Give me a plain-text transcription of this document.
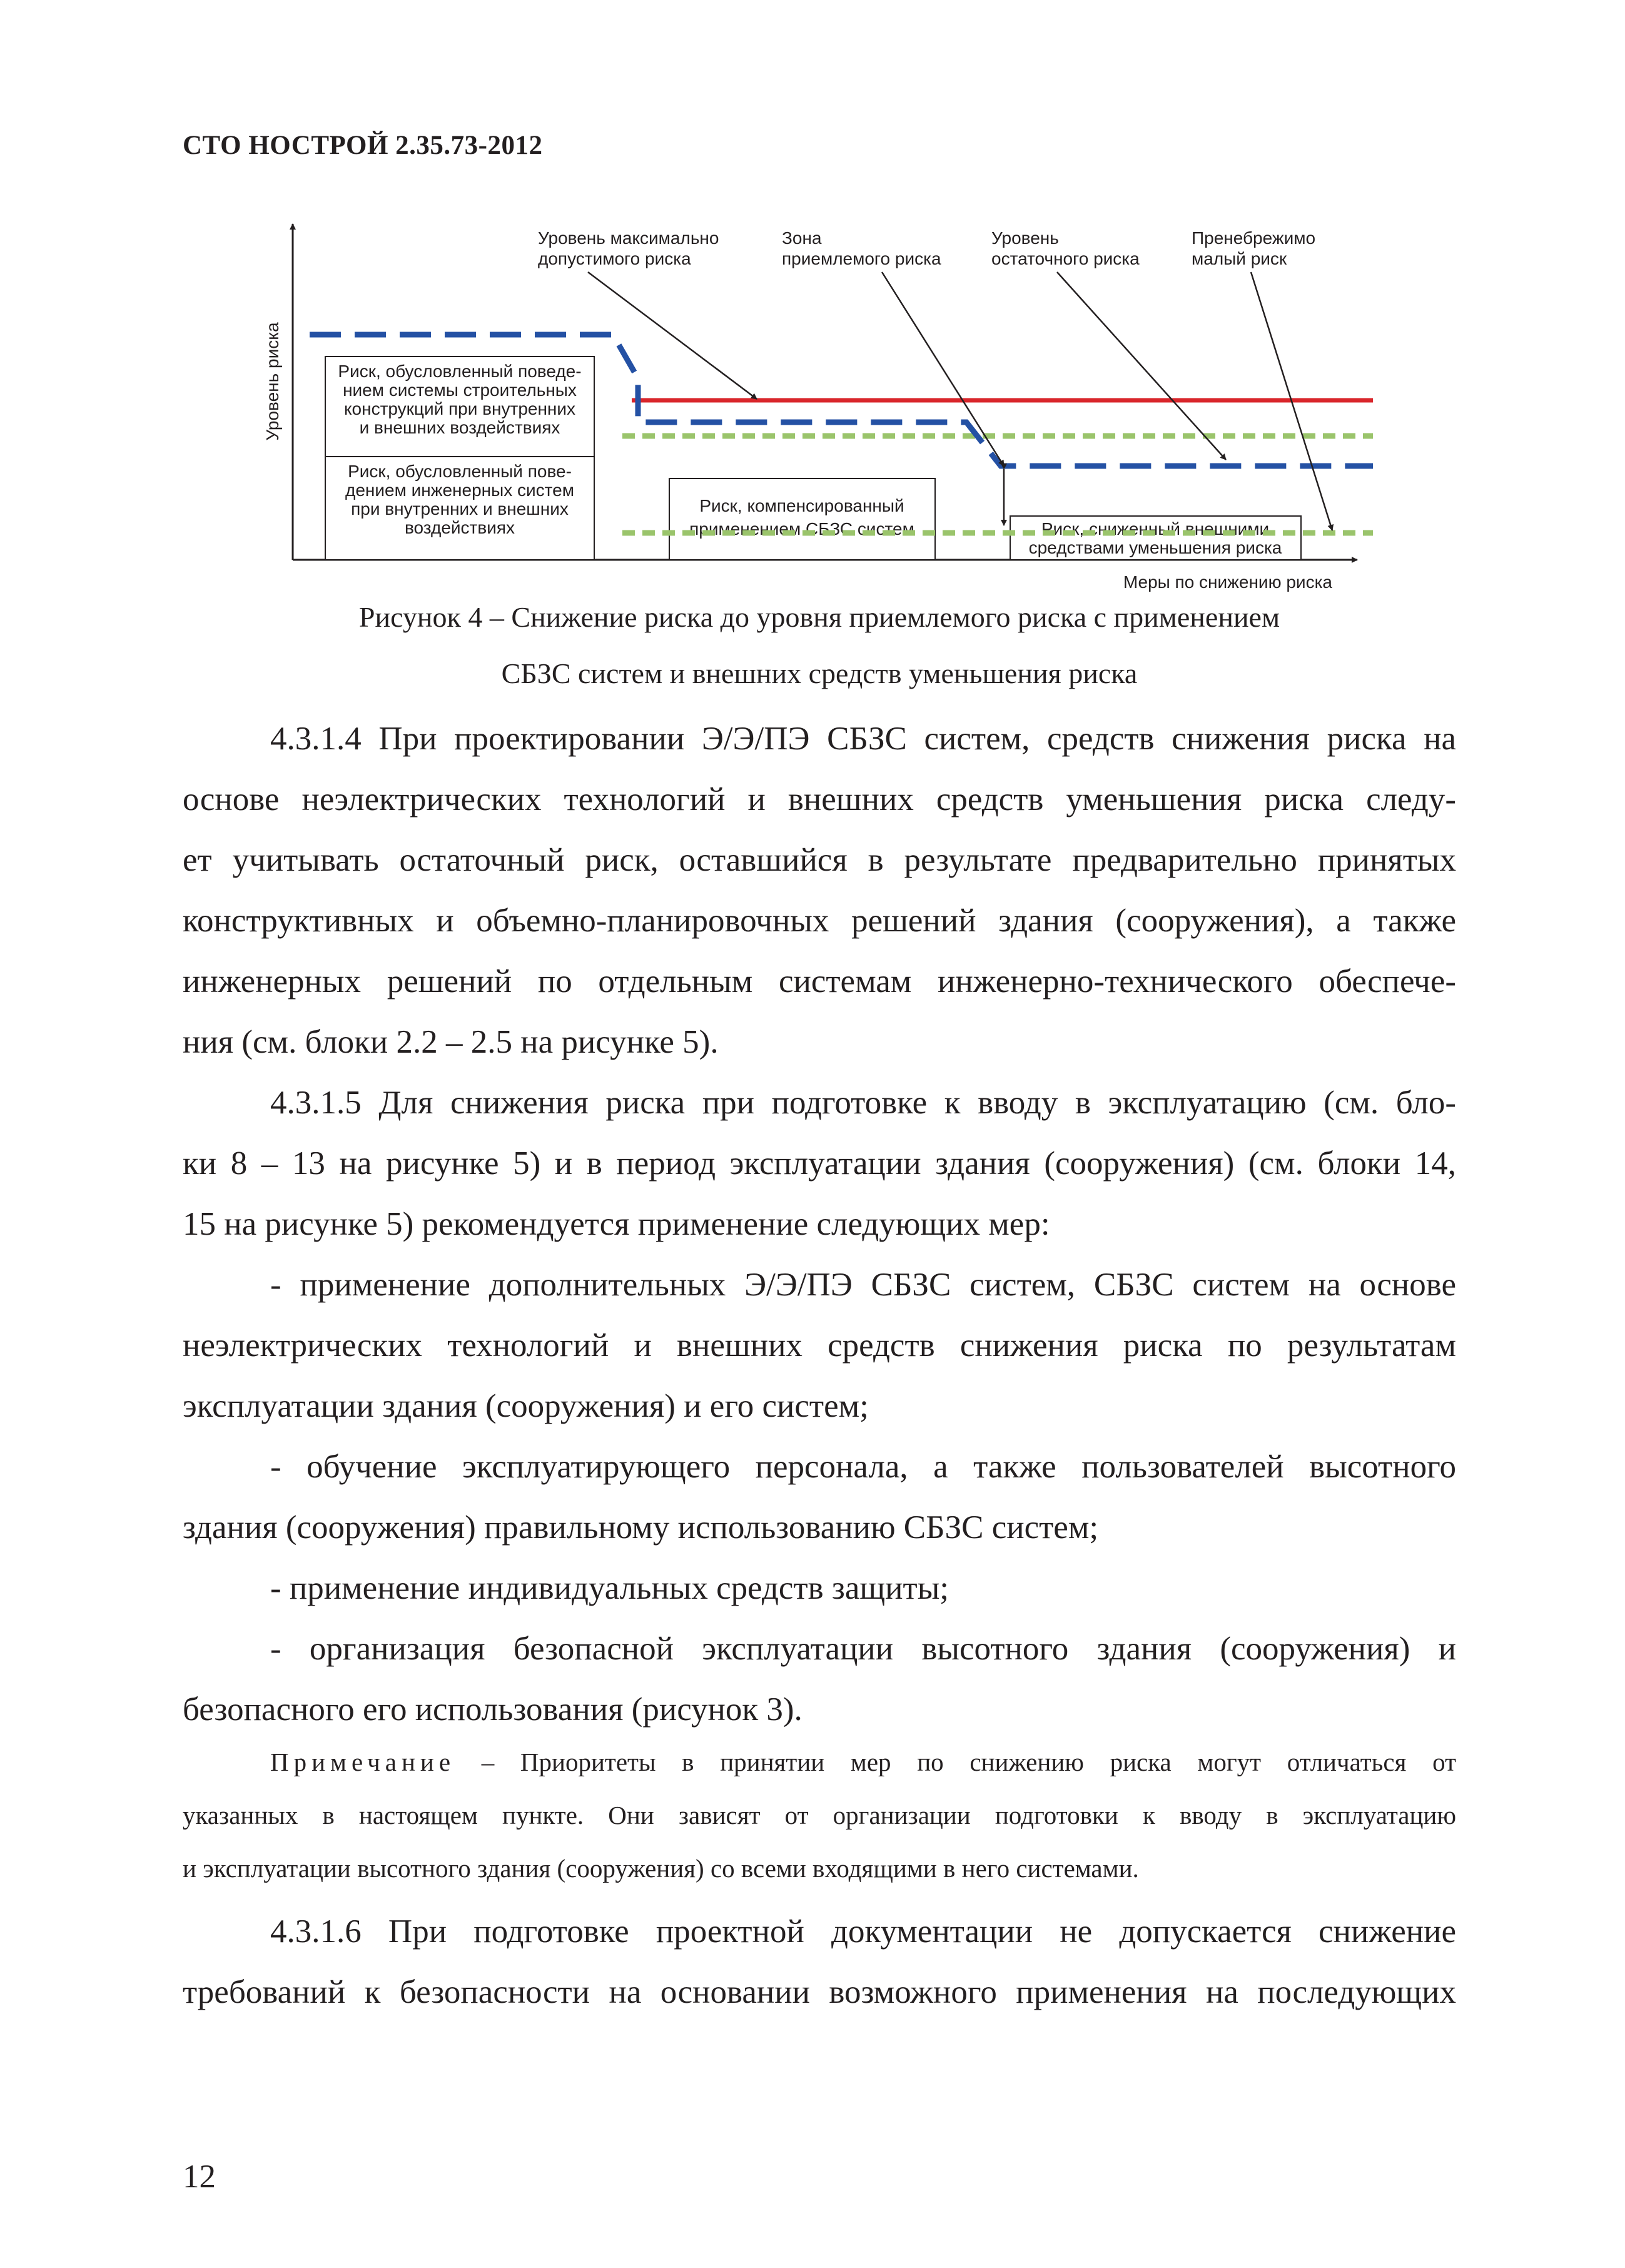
СТО НОСТРОЙ 2.35.73-2012
Уровень риска
Меры по снижению риска
Риск, обусловленный поведе-
нием системы строительных
конструкций при внутренних
и внешних воздействиях
Риск, обусловленный пове-
дением инженерных систем
при внутренних и внешних
воздействиях
Риск, компенсированный
применением СБЗС систем	Риск, сниженный внешними
средствами уменьшения риска
Уровень максимально
допустимого риска
Зона
приемлемого риска
Уровень
остаточного риска
Пренебрежимо
малый риск
Рисунок 4 – Снижение риска до уровня приемлемого риска с применением
СБЗС систем и внешних средств уменьшения риска
4.3.1.4 При проектировании Э/Э/ПЭ СБЗС систем, средств снижения риска на
основе неэлектрических технологий и внешних средств уменьшения риска следу-
ет учитывать остаточный риск, оставшийся в результате предварительно принятых
конструктивных и объемно-планировочных решений здания (сооружения), а также
инженерных решений по отдельным системам инженерно-технического обеспече-
ния (см. блоки 2.2 – 2.5 на рисунке 5).
4.3.1.5 Для снижения риска при подготовке к вводу в эксплуатацию (см. бло-
ки 8 – 13 на рисунке 5) и в период эксплуатации здания (сооружения) (см. блоки 14,
15 на рисунке 5) рекомендуется применение следующих мер:
- применение дополнительных Э/Э/ПЭ СБЗС систем, СБЗС систем на основе
неэлектрических технологий и внешних средств снижения риска по результатам
эксплуатации здания (сооружения) и его систем;
- обучение эксплуатирующего персонала, а также пользователей высотного
здания (сооружения) правильному использованию СБЗС систем;
- применение индивидуальных средств защиты;
- организация безопасной эксплуатации высотного здания (сооружения) и
безопасного его использования (рисунок 3).
Примечание – Приоритеты в принятии мер по снижению риска могут отличаться от
указанных в настоящем пункте. Они зависят от организации подготовки к вводу в эксплуатацию
и эксплуатации высотного здания (сооружения) со всеми входящими в него системами.
4.3.1.6 При подготовке проектной документации не допускается снижение
требований к безопасности на основании возможного применения на последующих
12
